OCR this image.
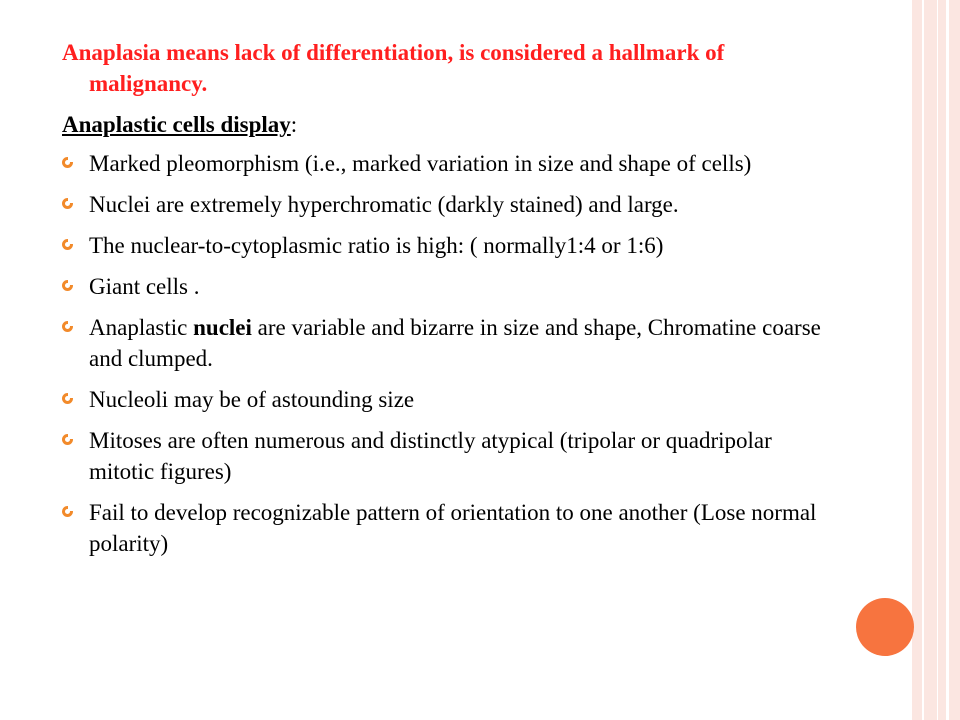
Anaplasia means lack of differentiation, is considered a hallmark of malignancy.

Anaplastic cells display:

Marked pleomorphism (i.e., marked variation in size and shape of cells)
Nuclei are extremely hyperchromatic (darkly stained) and large.
The nuclear-to-cytoplasmic ratio is high: ( normally1:4 or 1:6)
Giant cells .
Anaplastic nuclei are variable and bizarre in size and shape, Chromatine coarse and clumped.
Nucleoli may be of astounding size
Mitoses are often numerous and distinctly atypical (tripolar or quadripolar mitotic figures)
Fail to develop recognizable pattern of orientation to one another (Lose normal polarity)
